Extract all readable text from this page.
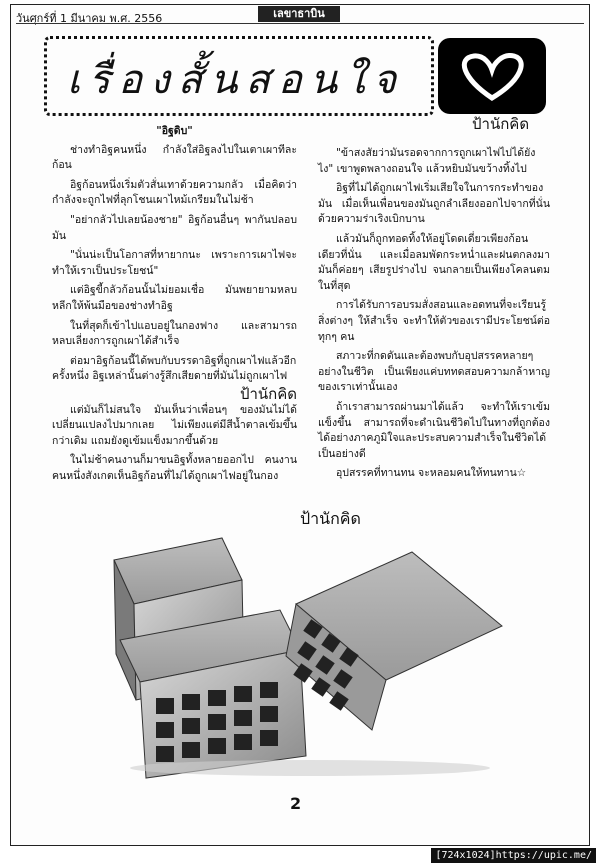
วันศุกร์ที่ 1 มีนาคม พ.ศ. 2556	เลขาธาบิน
เรื่องสั้นสอนใจ
ป้านักคิด

"อิฐดิบ"

ช่างทำอิฐคนหนึ่ง กำลังใส่อิฐลงไปในเตาเผาทีละก้อน

อิฐก้อนหนึ่งเริ่มตัวสั่นเทาด้วยความกลัว เมื่อคิดว่ากำลังจะถูกไฟที่ลุกโชนเผาไหม้เกรียมในไม่ช้า

"อย่ากลัวไปเลยน้องชาย" อิฐก้อนอื่นๆ พากันปลอบมัน

"นั่นน่ะเป็นโอกาสที่หายากนะ เพราะการเผาไฟจะทำให้เราเป็นประโยชน์"

แต่อิฐขี้กลัวก้อนนั้นไม่ยอมเชื่อ มันพยายามหลบหลีกให้พ้นมือของช่างทำอิฐ

ในที่สุดก็เข้าไปแอบอยู่ในกองฟาง และสามารถหลบเลี่ยงการถูกเผาได้สำเร็จ

ต่อมาอิฐก้อนนี้ได้พบกับบรรดาอิฐที่ถูกเผาไฟแล้วอีกครั้งหนึ่ง อิฐเหล่านั้นต่างรู้สึกเสียดายที่มันไม่ถูกเผาไฟ

ป้านักคิด

แต่มันก็ไม่สนใจ มันเห็นว่าเพื่อนๆ ของมันไม่ได้เปลี่ยนแปลงไปมากเลย ไม่เพียงแต่มีสีน้ำตาลเข้มขึ้นกว่าเดิม แถมยังดูเข้มแข็งมากขึ้นด้วย

ในไม่ช้าคนงานก็มาขนอิฐทั้งหลายออกไป คนงานคนหนึ่งสังเกตเห็นอิฐก้อนที่ไม่ได้ถูกเผาไฟอยู่ในกอง

"ข้าสงสัยว่ามันรอดจากการถูกเผาไฟไปได้ยังไง" เขาพูดพลางถอนใจ แล้วหยิบมันขว้างทิ้งไป

อิฐที่ไม่ได้ถูกเผาไฟเริ่มเสียใจในการกระทำของมัน เมื่อเห็นเพื่อนของมันถูกลำเลียงออกไปจากที่นั่นด้วยความร่าเริงเบิกบาน

แล้วมันก็ถูกทอดทิ้งให้อยู่โดดเดี่ยวเพียงก้อนเดียวที่นั่น และเมื่อลมพัดกระหน่ำและฝนตกลงมา มันก็ค่อยๆ เสียรูปร่างไป จนกลายเป็นเพียงโคลนตมในที่สุด

การได้รับการอบรมสั่งสอนและอดทนที่จะเรียนรู้สิ่งต่างๆ ให้สำเร็จ จะทำให้ตัวของเรามีประโยชน์ต่อทุกๆ คน

สภาวะที่กดดันและต้องพบกับอุปสรรคหลายๆ อย่างในชีวิต เป็นเพียงแค่บททดสอบความกล้าหาญของเราเท่านั้นเอง

ถ้าเราสามารถผ่านมาได้แล้ว จะทำให้เราเข้มแข็งขึ้น สามารถที่จะดำเนินชีวิตไปในทางที่ถูกต้องได้อย่างภาคภูมิใจและประสบความสำเร็จในชีวิตได้เป็นอย่างดี

อุปสรรคที่ทานทน จะหลอมคนให้ทนทาน☆

ป้านักคิด
2
[724x1024]https://upic.me/
